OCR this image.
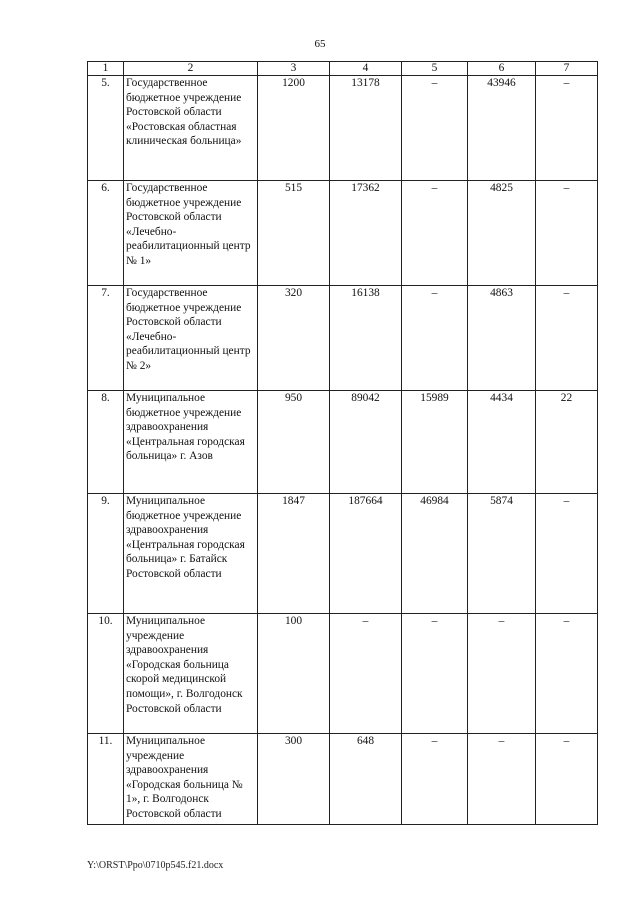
65
1	2	3	4	5	6	7
5.	Государственное бюджетное учреждение Ростовской области «Ростовская областная клиническая больница»	1200	13178	–	43946	–
6.	Государственное бюджетное учреждение Ростовской области «Лечебно-реабилитационный центр № 1»	515	17362	–	4825	–
7.	Государственное бюджетное учреждение Ростовской области «Лечебно-реабилитационный центр № 2»	320	16138	–	4863	–
8.	Муниципальное бюджетное учреждение здравоохранения «Центральная городская больница» г. Азов	950	89042	15989	4434	22
9.	Муниципальное бюджетное учреждение здравоохранения «Центральная городская больница» г. Батайск Ростовской области	1847	187664	46984	5874	–
10.	Муниципальное учреждение здравоохранения «Городская больница скорой медицинской помощи», г. Волгодонск Ростовской области	100	–	–	–	–
11.	Муниципальное учреждение здравоохранения «Городская больница № 1», г. Волгодонск Ростовской области	300	648	–	–	–
Y:\ORST\Ppo\0710p545.f21.docx
